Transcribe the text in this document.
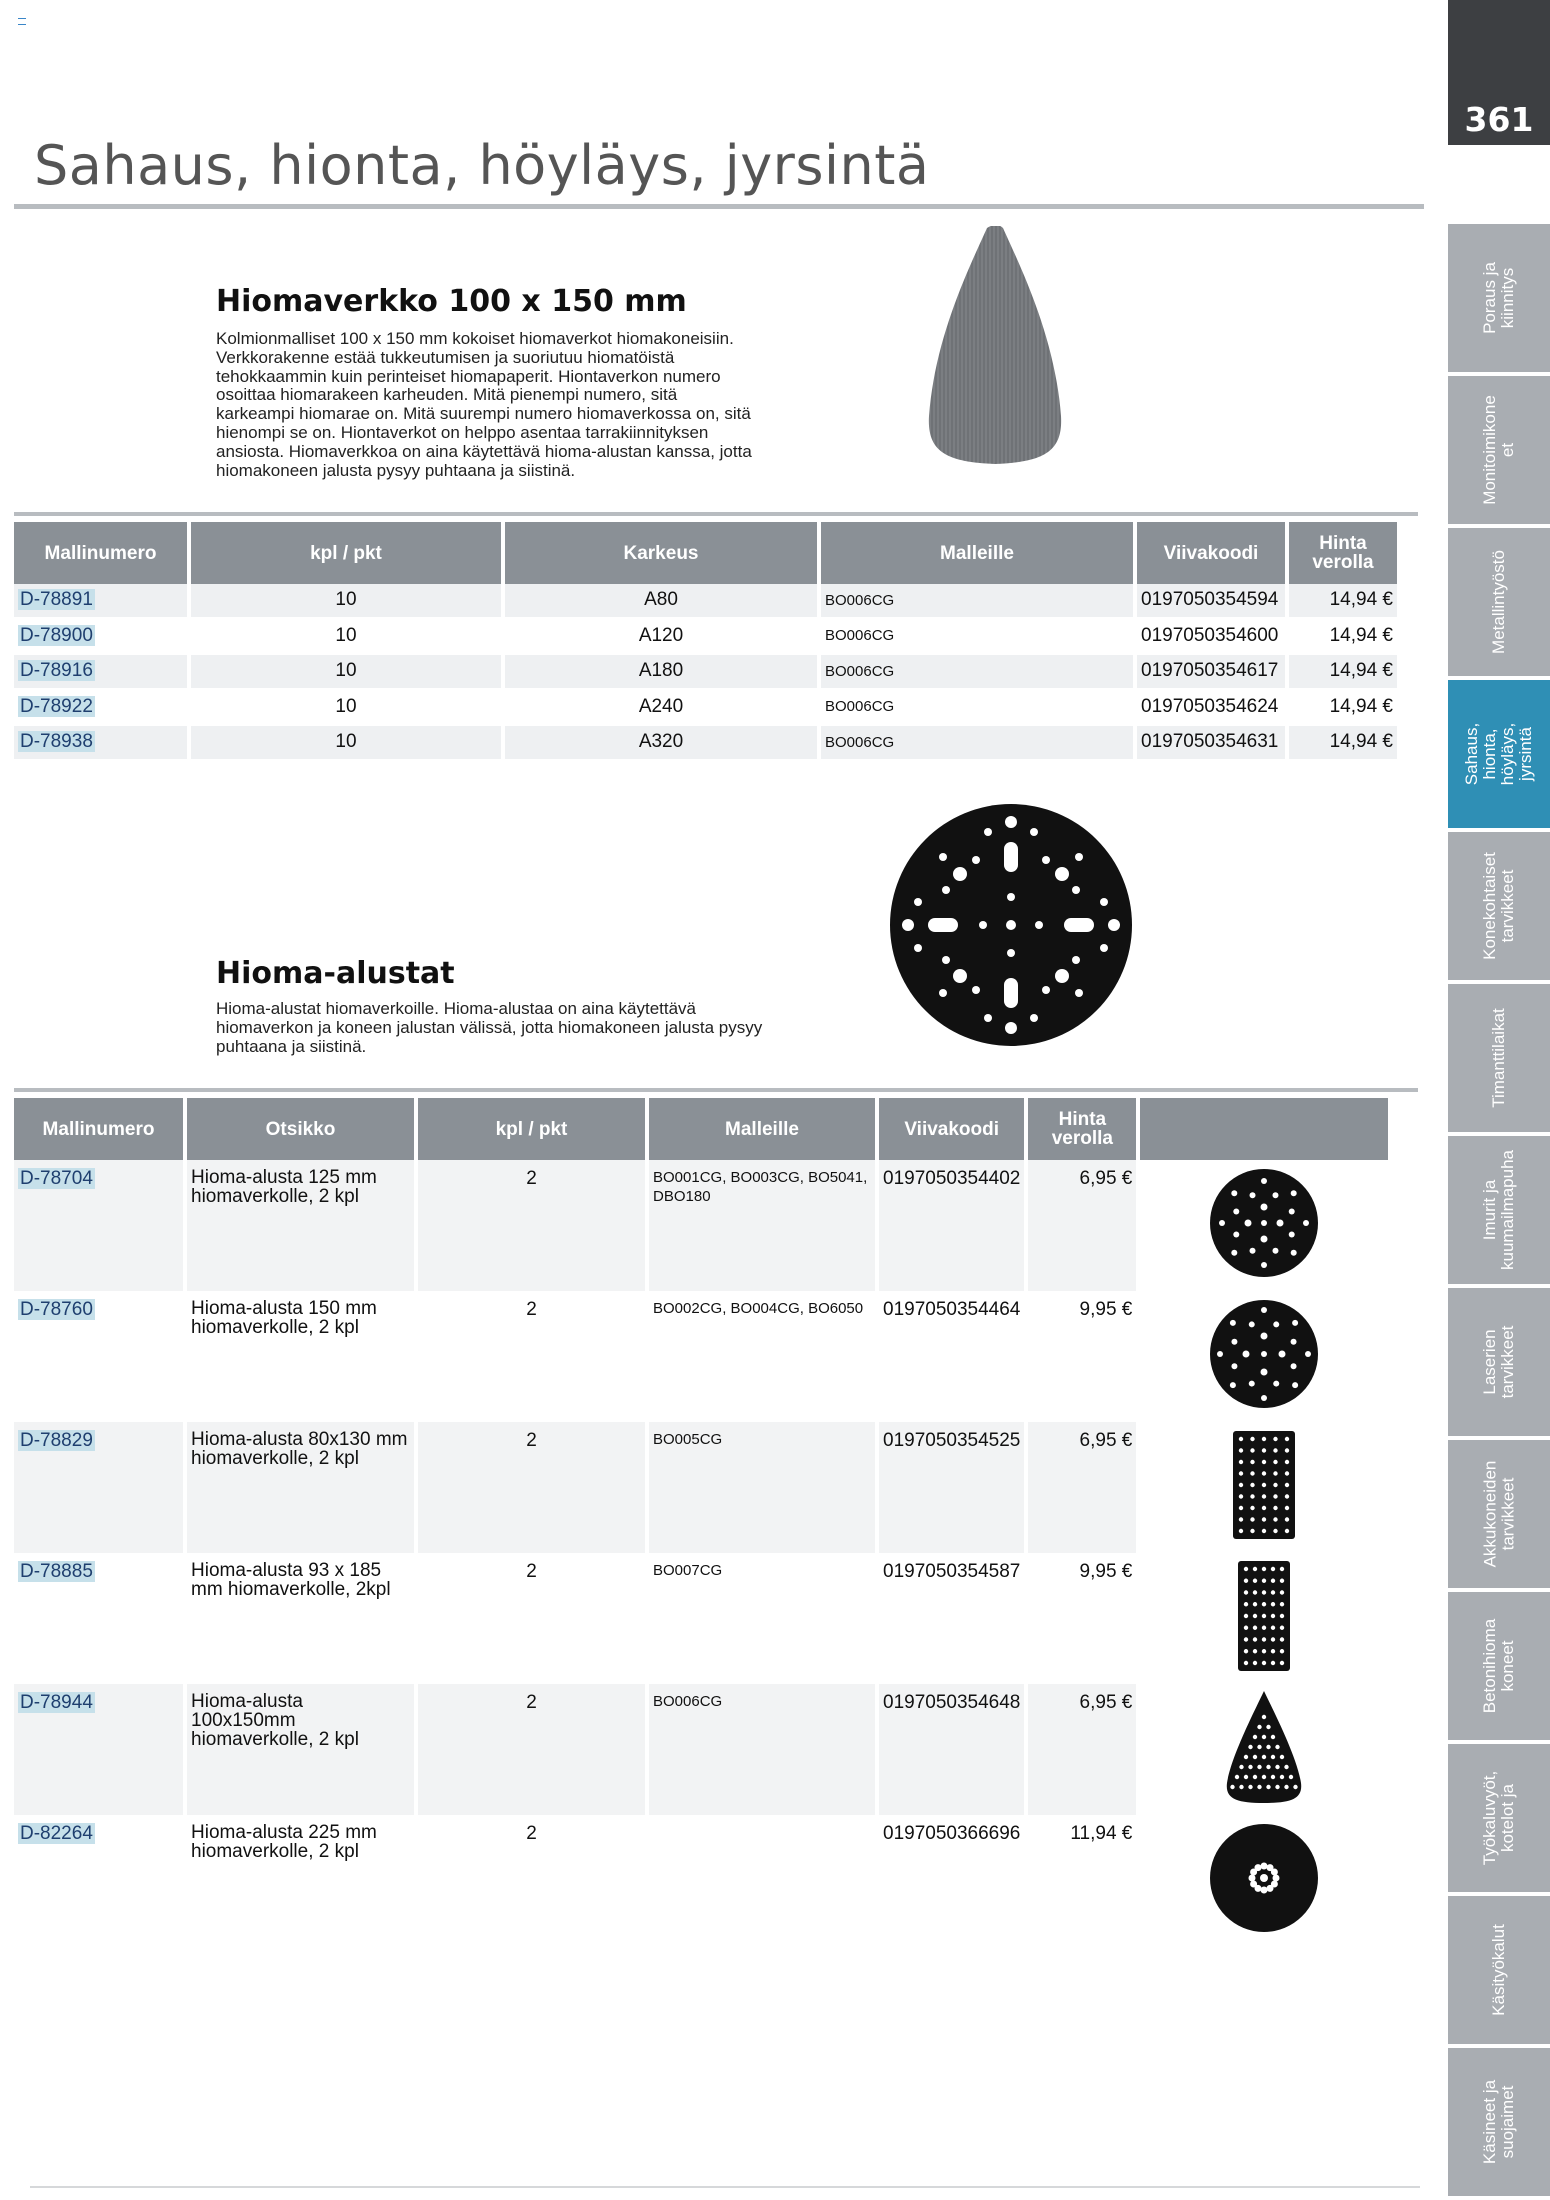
361
Sahaus, hionta, höyläys, jyrsintä
Poraus ja
kiinnitys
Monitoimikone
et
Metallintyöstö
Sahaus, hionta,
höyläys, jyrsintä
Konekohtaiset
tarvikkeet
Timanttilaikat
Imurit ja
kuumailmapuha
Laserien
tarvikkeet
Akkukoneiden
tarvikkeet
Betonihioma
koneet
Työkaluvyöt,
kotelot ja
Käsityökalut
Käsineet ja
suojaimet
Hiomaverkko 100 x 150 mm
Kolmionmalliset 100 x 150 mm kokoiset hiomaverkot hiomakoneisiin.
Verkkorakenne estää tukkeutumisen ja suoriutuu hiomatöistä
tehokkaammin kuin perinteiset hiomapaperit. Hiontaverkon numero
osoittaa hiomarakeen karheuden. Mitä pienempi numero, sitä
karkeampi hiomarae on. Mitä suurempi numero hiomaverkossa on, sitä
hienompi se on. Hiontaverkot on helppo asentaa tarrakiinnityksen
ansiosta. Hiomaverkkoa on aina käytettävä hioma-alustan kanssa, jotta
hiomakoneen jalusta pysyy puhtaana ja siistinä.
Mallinumero	kpl / pkt	Karkeus	Malleille	Viivakoodi	Hinta
verolla
D-78891	10	A80	BO006CG	0197050354594	14,94 €
D-78900	10	A120	BO006CG	0197050354600	14,94 €
D-78916	10	A180	BO006CG	0197050354617	14,94 €
D-78922	10	A240	BO006CG	0197050354624	14,94 €
D-78938	10	A320	BO006CG	0197050354631	14,94 €
Hioma-alustat
Hioma-alustat hiomaverkoille. Hioma-alustaa on aina käytettävä
hiomaverkon ja koneen jalustan välissä, jotta hiomakoneen jalusta pysyy
puhtaana ja siistinä.
Mallinumero	Otsikko	kpl / pkt	Malleille	Viivakoodi	Hinta
verolla	
D-78704	Hioma-alusta 125 mm hiomaverkolle, 2 kpl	2	BO001CG, BO003CG, BO5041, DBO180	0197050354402	6,95 €	
D-78760	Hioma-alusta 150 mm hiomaverkolle, 2 kpl	2	BO002CG, BO004CG, BO6050	0197050354464	9,95 €	
D-78829	Hioma-alusta 80x130 mm hiomaverkolle, 2 kpl	2	BO005CG	0197050354525	6,95 €	
D-78885	Hioma-alusta 93 x 185 mm hiomaverkolle, 2kpl	2	BO007CG	0197050354587	9,95 €	
D-78944	Hioma-alusta 100x150mm hiomaverkolle, 2 kpl	2	BO006CG	0197050354648	6,95 €	
D-82264	Hioma-alusta 225 mm hiomaverkolle, 2 kpl	2		0197050366696	11,94 €	
